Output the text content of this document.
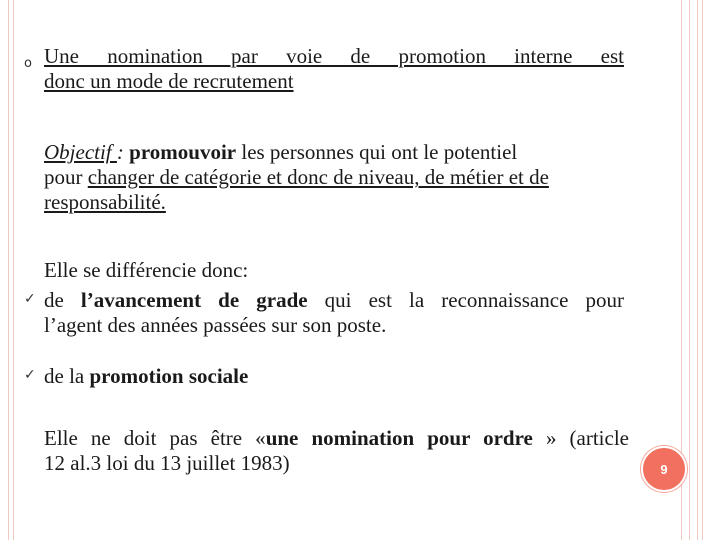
o Une nomination par voie de promotion interne est
donc un mode de recrutement
Objectif : promouvoir les personnes qui ont le potentiel
pour changer de catégorie et donc de niveau, de métier et de
responsabilité.
Elle se différencie donc:
✓ de l’avancement de grade qui est la reconnaissance pour
l’agent des années passées sur son poste.
✓ de la promotion sociale
Elle ne doit pas être «une nomination pour ordre » (article
12 al.3 loi du 13 juillet 1983)	9
